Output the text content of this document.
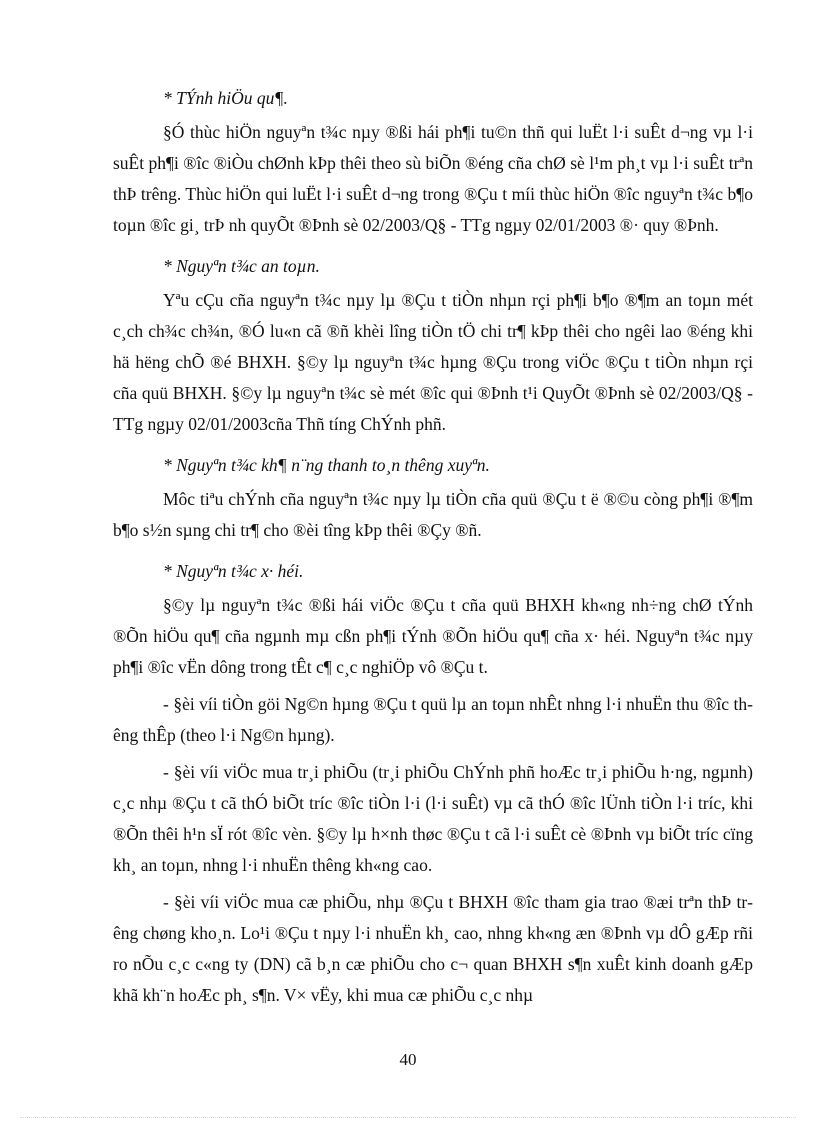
* TÝnh hiÖu qu¶.

§Ó thùc hiÖn nguyªn t¾c nµy ®ßi hái ph¶i tu©n thñ qui luËt l·i suÊt d¬ng vµ l·i suÊt ph¶i ®îc ®iÒu chØnh kÞp thêi theo sù biÕn ®éng cña chØ sè l¹m ph¸t vµ l·i suÊt trªn thÞ trêng. Thùc hiÖn qui luËt l·i suÊt d¬ng trong ®Çu t míi thùc hiÖn ®îc nguyªn t¾c b¶o toµn ®îc gi¸ trÞ nh quyÕt ®Þnh sè 02/2003/Q§ - TTg ngµy 02/01/2003 ®· quy ®Þnh.

* Nguyªn t¾c an toµn.

Yªu cÇu cña nguyªn t¾c nµy lµ ®Çu t tiÒn nhµn rçi ph¶i b¶o ®¶m an toµn mét c¸ch ch¾c ch¾n, ®Ó lu«n cã ®ñ khèi lîng tiÒn tÖ chi tr¶ kÞp thêi cho ngêi lao ®éng khi hä hëng chÕ ®é BHXH. §©y lµ nguyªn t¾c hµng ®Çu trong viÖc ®Çu t tiÒn nhµn rçi cña quü BHXH. §©y lµ nguyªn t¾c sè mét ®îc qui ®Þnh t¹i QuyÕt ®Þnh sè 02/2003/Q§ -TTg ngµy 02/01/2003cña Thñ tíng ChÝnh phñ.

* Nguyªn t¾c kh¶ n¨ng thanh to¸n thêng xuyªn.

Môc tiªu chÝnh cña nguyªn t¾c nµy lµ tiÒn cña quü ®Çu t ë ®©u còng ph¶i ®¶m b¶o s½n sµng chi tr¶ cho ®èi tîng kÞp thêi ®Çy ®ñ.

* Nguyªn t¾c x· héi.

§©y lµ nguyªn t¾c ®ßi hái viÖc ®Çu t cña quü BHXH kh«ng nh÷ng chØ tÝnh ®Õn hiÖu qu¶ cña ngµnh mµ cßn ph¶i tÝnh ®Õn hiÖu qu¶ cña x· héi. Nguyªn t¾c nµy ph¶i ®îc vËn dông trong tÊt c¶ c¸c nghiÖp vô ®Çu t.

- §èi víi tiÒn göi Ng©n hµng ®Çu t quü lµ an toµn nhÊt nhng l·i nhuËn thu ®îc thêng thÊp (theo l·i Ng©n hµng).

- §èi víi viÖc mua tr¸i phiÕu (tr¸i phiÕu ChÝnh phñ hoÆc tr¸i phiÕu h·ng, ngµnh) c¸c nhµ ®Çu t cã thÓ biÕt tríc ®îc tiÒn l·i (l·i suÊt) vµ cã thÓ ®îc lÜnh tiÒn l·i tríc, khi ®Õn thêi h¹n sÏ rót ®îc vèn. §©y lµ h×nh thøc ®Çu t cã l·i suÊt cè ®Þnh vµ biÕt tríc cïng kh¸ an toµn, nhng l·i nhuËn thêng kh«ng cao.

- §èi víi viÖc mua cæ phiÕu, nhµ ®Çu t BHXH ®îc tham gia trao ®æi trªn thÞ trêng chøng kho¸n. Lo¹i ®Çu t nµy l·i nhuËn kh¸ cao, nhng kh«ng æn ®Þnh vµ dÔ gÆp rñi ro nÕu c¸c c«ng ty (DN) cã b¸n cæ phiÕu cho c¬ quan BHXH s¶n xuÊt kinh doanh gÆp khã kh¨n hoÆc ph¸ s¶n. V× vËy, khi mua cæ phiÕu c¸c nhµ

40
